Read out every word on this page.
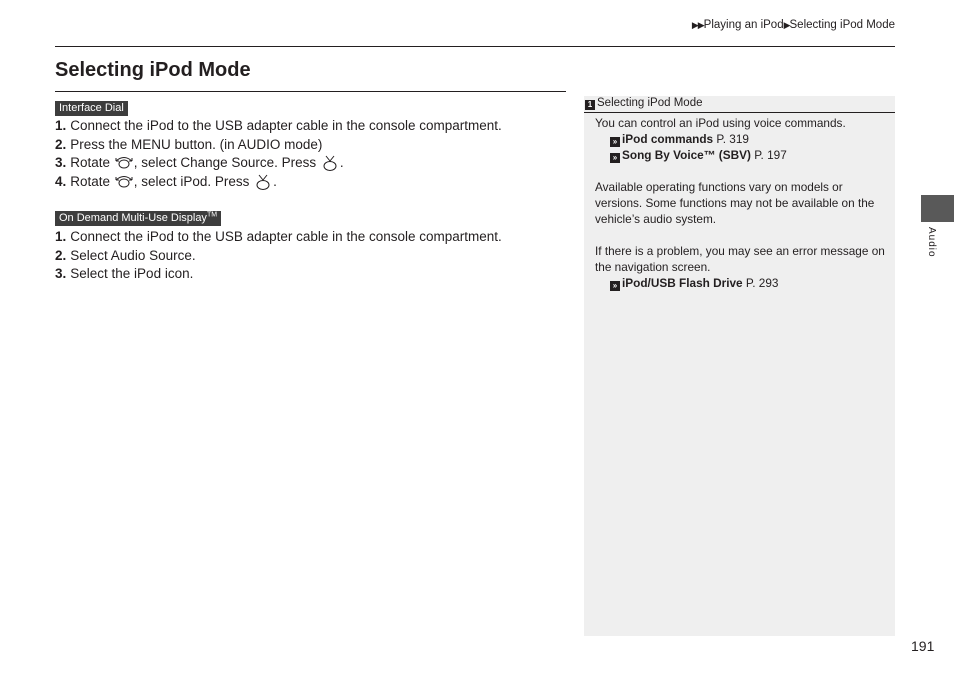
▶▶Playing an iPod▶Selecting iPod Mode
Selecting iPod Mode
Interface Dial
1. Connect the iPod to the USB adapter cable in the console compartment.
2. Press the MENU button. (in AUDIO mode)
3. Rotate , select Change Source. Press .
4. Rotate , select iPod. Press .
On Demand Multi-Use Display™
1. Connect the iPod to the USB adapter cable in the console compartment.
2. Select Audio Source.
3. Select the iPod icon.
1 Selecting iPod Mode

You can control an iPod using voice commands.

» iPod commands P. 319
» Song By Voice™ (SBV) P. 197

Available operating functions vary on models or versions. Some functions may not be available on the vehicle’s audio system.

If there is a problem, you may see an error message on the navigation screen.

» iPod/USB Flash Drive P. 293
Audio
191
